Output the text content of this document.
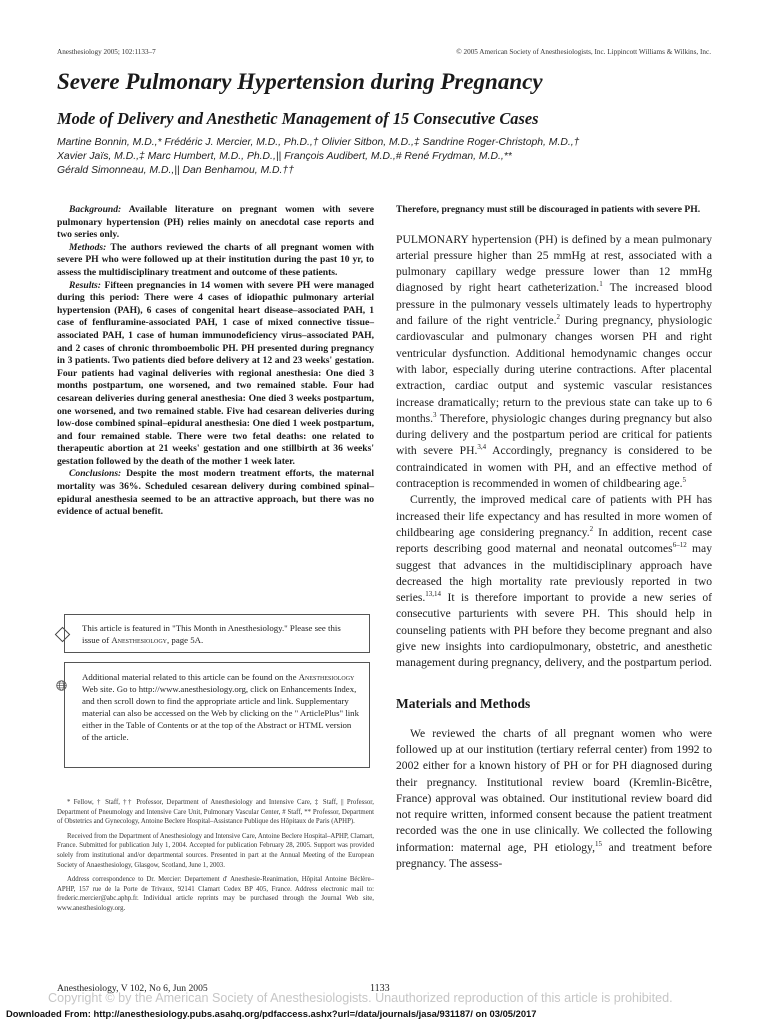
Anesthesiology 2005; 102:1133–7	© 2005 American Society of Anesthesiologists, Inc. Lippincott Williams & Wilkins, Inc.
Severe Pulmonary Hypertension during Pregnancy
Mode of Delivery and Anesthetic Management of 15 Consecutive Cases
Martine Bonnin, M.D.,* Frédéric J. Mercier, M.D., Ph.D.,† Olivier Sitbon, M.D.,‡ Sandrine Roger-Christoph, M.D.,†
Xavier Jaïs, M.D.,‡ Marc Humbert, M.D., Ph.D.,|| François Audibert, M.D.,# René Frydman, M.D.,**
Gérald Simonneau, M.D.,|| Dan Benhamou, M.D.††

Background: Available literature on pregnant women with severe pulmonary hypertension (PH) relies mainly on anecdotal case reports and two series only.

Methods: The authors reviewed the charts of all pregnant women with severe PH who were followed up at their institution during the past 10 yr, to assess the multidisciplinary treatment and outcome of these patients.

Results: Fifteen pregnancies in 14 women with severe PH were managed during this period: There were 4 cases of idiopathic pulmonary arterial hypertension (PAH), 6 cases of congenital heart disease–associated PAH, 1 case of fenfluramine-associated PAH, 1 case of mixed connective tissue–associated PAH, 1 case of human immunodeficiency virus–associated PAH, and 2 cases of chronic thromboembolic PH. PH presented during pregnancy in 3 patients. Two patients died before delivery at 12 and 23 weeks' gestation. Four patients had vaginal deliveries with regional anesthesia: One died 3 months postpartum, one worsened, and two remained stable. Four had cesarean deliveries during general anesthesia: One died 3 weeks postpartum, one worsened, and two remained stable. Five had cesarean deliveries during low-dose combined spinal–epidural anesthesia: One died 1 week postpartum, and four remained stable. There were two fetal deaths: one related to therapeutic abortion at 21 weeks' gestation and one stillbirth at 36 weeks' gestation followed by the death of the mother 1 week later.

Conclusions: Despite the most modern treatment efforts, the maternal mortality was 36%. Scheduled cesarean delivery during combined spinal–epidural anesthesia seemed to be an attractive approach, but there was no evidence of actual benefit.

This article is featured in "This Month in Anesthesiology." Please see this issue of Anesthesiology, page 5A.
Additional material related to this article can be found on the Anesthesiology Web site. Go to http://www.anesthesiology.org, click on Enhancements Index, and then scroll down to find the appropriate article and link. Supplementary material can also be accessed on the Web by clicking on the " ArticlePlus" link either in the Table of Contents or at the top of the Abstract or HTML version of the article.

* Fellow, † Staff, †† Professor, Department of Anesthesiology and Intensive Care, ‡ Staff, || Professor, Department of Pneumology and Intensive Care Unit, Pulmonary Vascular Center, # Staff, ** Professor, Department of Obstetrics and Gynecology, Antoine Beclere Hospital–Assistance Publique des Hôpitaux de Paris (APHP).

Received from the Department of Anesthesiology and Intensive Care, Antoine Beclere Hospital–APHP, Clamart, France. Submitted for publication July 1, 2004. Accepted for publication February 28, 2005. Support was provided solely from institutional and/or departmental sources. Presented in part at the Annual Meeting of the European Society of Anaesthesiology, Glasgow, Scotland, June 1, 2003.

Address correspondence to Dr. Mercier: Departement d' Anesthesie-Reanimation, Hôpital Antoine Béclère–APHP, 157 rue de la Porte de Trivaux, 92141 Clamart Cedex BP 405, France. Address electronic mail to: frederic.mercier@abc.aphp.fr. Individual article reprints may be purchased through the Journal Web site, www.anesthesiology.org.

Therefore, pregnancy must still be discouraged in patients with severe PH.

PULMONARY hypertension (PH) is defined by a mean pulmonary arterial pressure higher than 25 mmHg at rest, associated with a pulmonary capillary wedge pressure lower than 12 mmHg diagnosed by right heart catheterization.$^1$ The increased blood pressure in the pulmonary vessels ultimately leads to hypertrophy and failure of the right ventricle.$^2$ During pregnancy, physiologic cardiovascular and pulmonary changes worsen PH and right ventricular dysfunction. Additional hemodynamic changes occur with labor, especially during uterine contractions. After placental extraction, cardiac output and systemic vascular resistances increase dramatically; return to the previous state can take up to 6 months.$^3$ Therefore, physiologic changes during pregnancy but also during delivery and the postpartum period are critical for patients with severe PH.$^{3,4}$ Accordingly, pregnancy is considered to be contraindicated in women with PH, and an effective method of contraception is recommended in women of childbearing age.$^5$

Currently, the improved medical care of patients with PH has increased their life expectancy and has resulted in more women of childbearing age considering pregnancy.$^2$ In addition, recent case reports describing good maternal and neonatal outcomes$^{6-12}$ may suggest that advances in the multidisciplinary approach have decreased the high mortality rate previously reported in two series.$^{13,14}$ It is therefore important to provide a new series of consecutive parturients with severe PH. This should help in counseling patients with PH before they become pregnant and also give new insights into cardiopulmonary, obstetric, and anesthetic management during pregnancy, delivery, and the postpartum period.

Materials and Methods

We reviewed the charts of all pregnant women who were followed up at our institution (tertiary referral center) from 1992 to 2002 either for a known history of PH or for PH diagnosed during their pregnancy. Institutional review board (Kremlin-Bicêtre, France) approval was obtained. Our institutional review board did not require written, informed consent because the patient treatment recorded was the one in use clinically. We collected the following information: maternal age, PH etiology,$^{15}$ and treatment before pregnancy. The assess-

Anesthesiology, V 102, No 6, Jun 2005	1133
Copyright © by the American Society of Anesthesiologists. Unauthorized reproduction of this article is prohibited.
Downloaded From: http://anesthesiology.pubs.asahq.org/pdfaccess.ashx?url=/data/journals/jasa/931187/ on 03/05/2017
